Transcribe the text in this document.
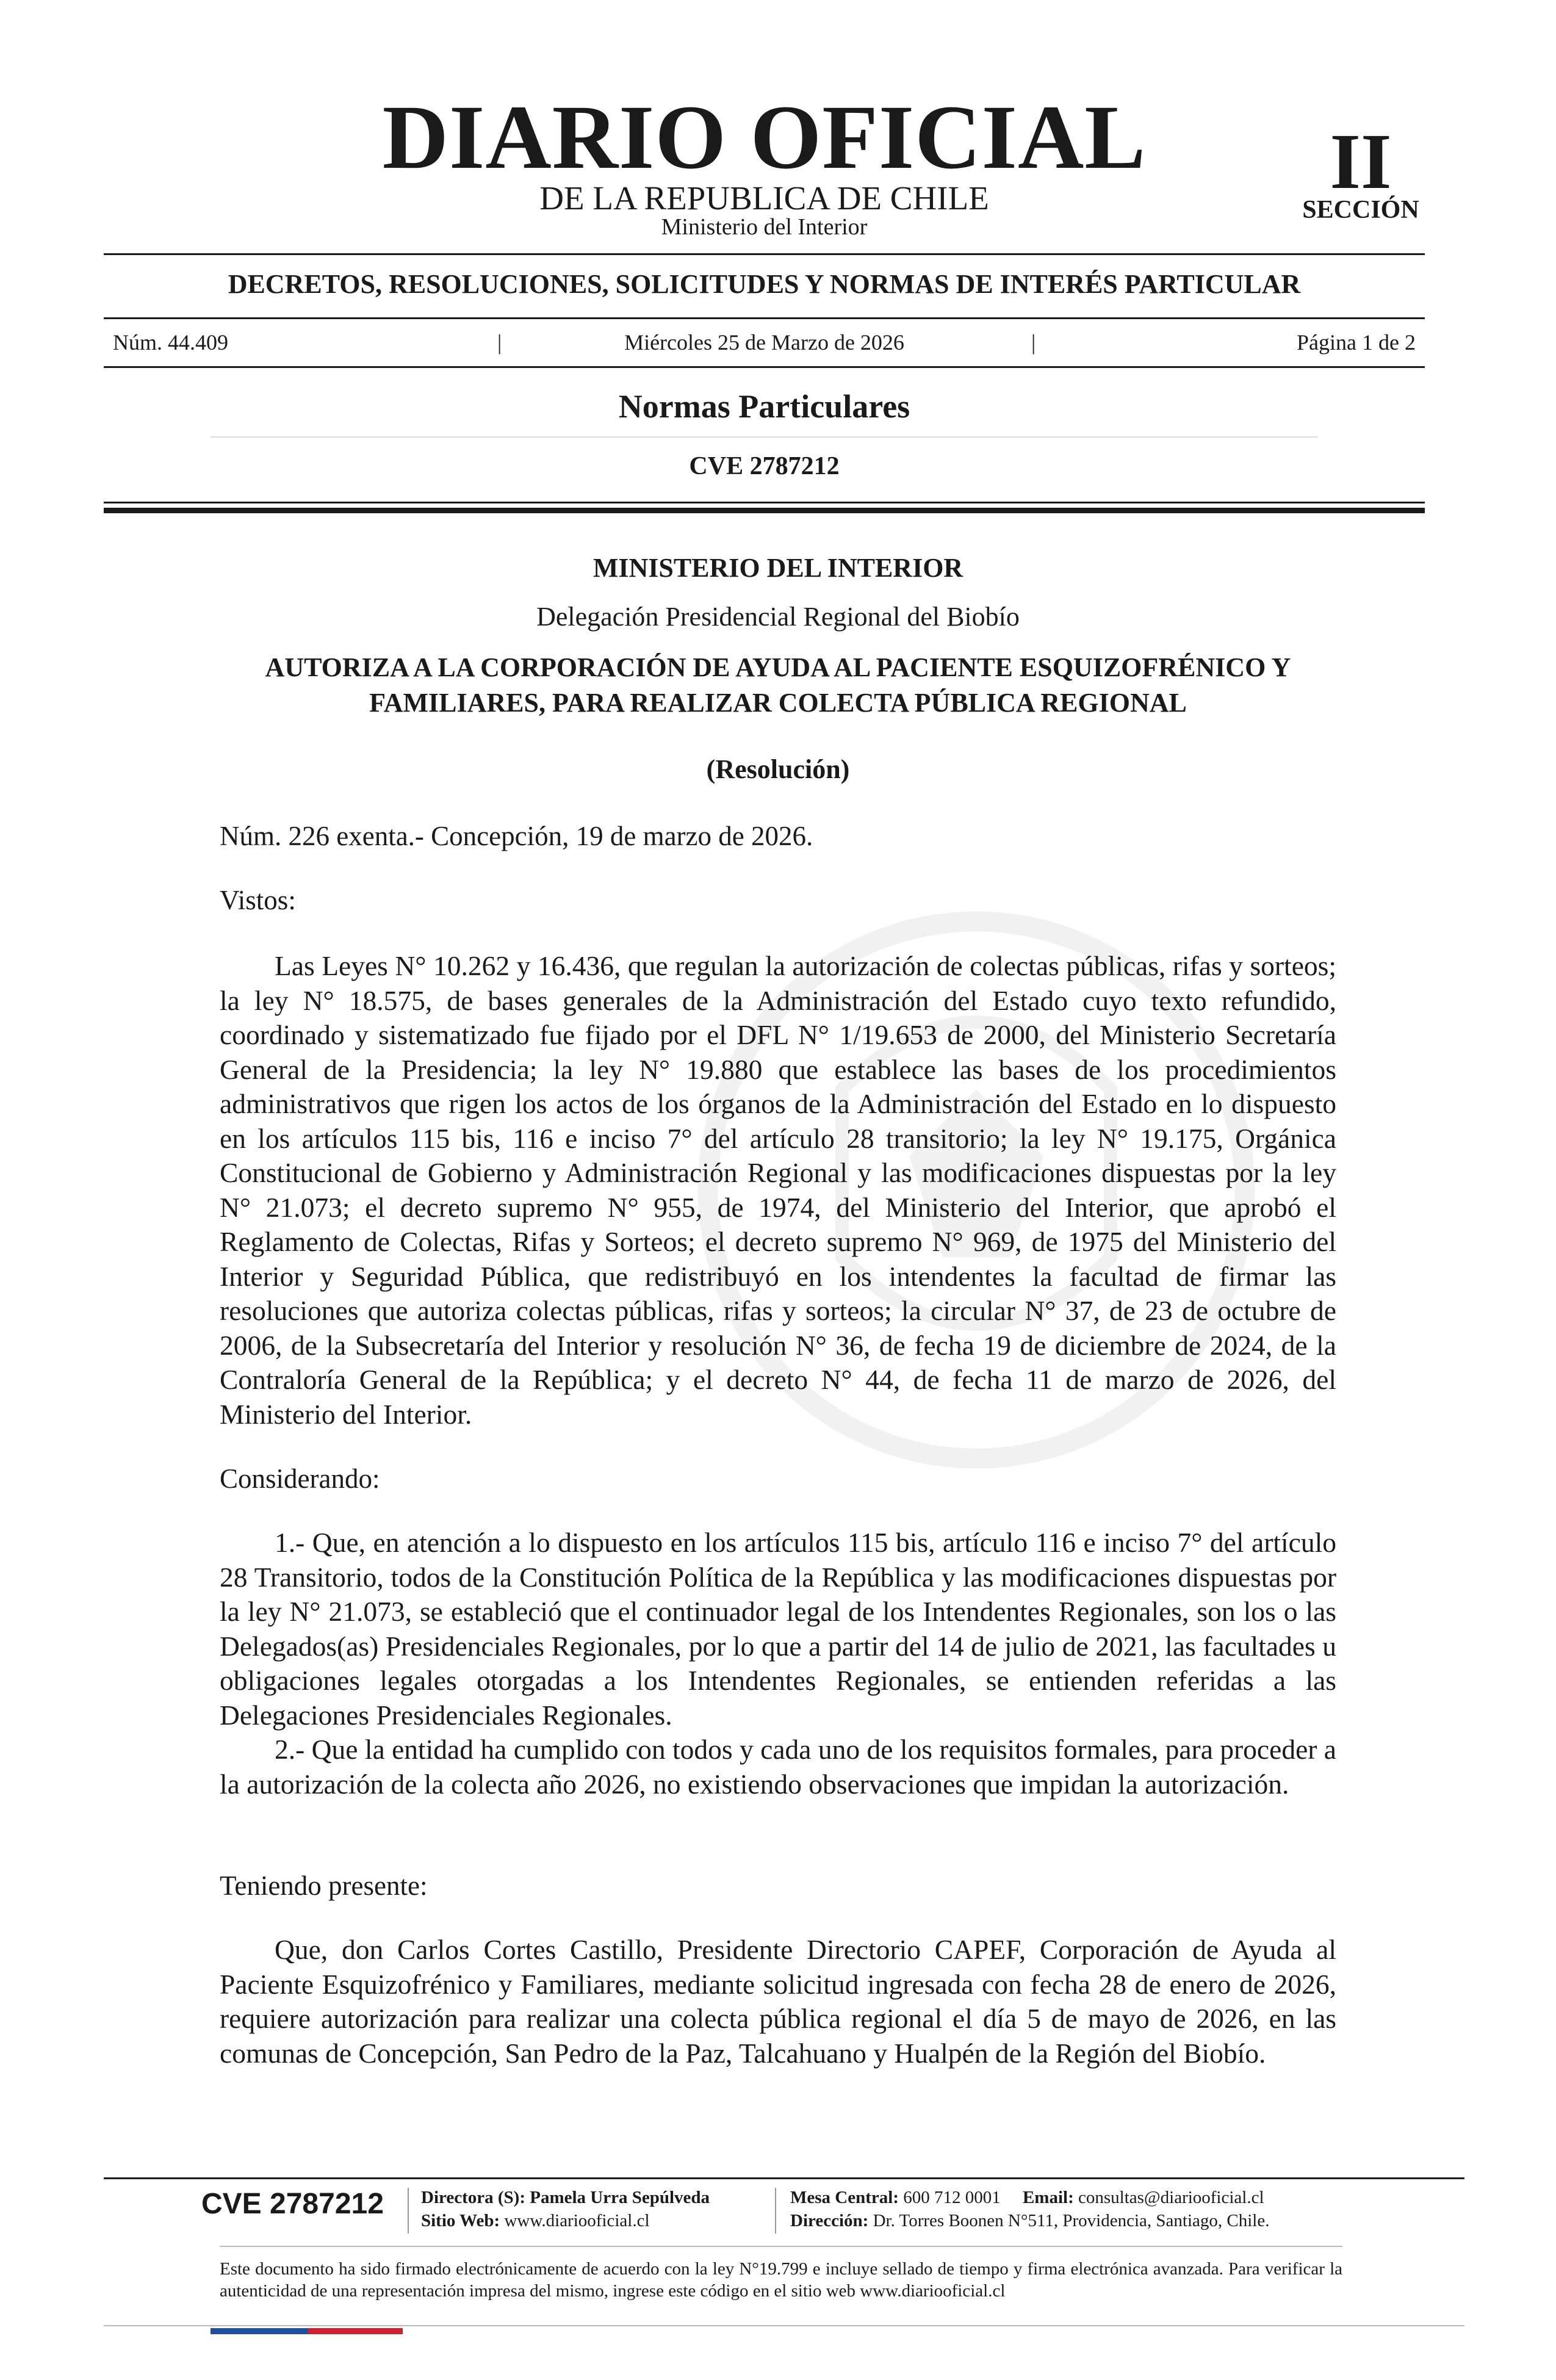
DIARIO OFICIAL
DE LA REPUBLICA DE CHILE
Ministerio del Interior
II
SECCIÓN
DECRETOS, RESOLUCIONES, SOLICITUDES Y NORMAS DE INTERÉS PARTICULAR
Núm. 44.409	|	Miércoles 25 de Marzo de 2026	|	Página 1 de 2
Normas Particulares
CVE 2787212
MINISTERIO DEL INTERIOR
Delegación Presidencial Regional del Biobío
AUTORIZA A LA CORPORACIÓN DE AYUDA AL PACIENTE ESQUIZOFRÉNICO Y
FAMILIARES, PARA REALIZAR COLECTA PÚBLICA REGIONAL
(Resolución)
Núm. 226 exenta.- Concepción, 19 de marzo de 2026.
Vistos:

Las Leyes N° 10.262 y 16.436, que regulan la autorización de colectas públicas, rifas y sorteos; la ley N° 18.575, de bases generales de la Administración del Estado cuyo texto refundido, coordinado y sistematizado fue fijado por el DFL N° 1/19.653 de 2000, del Ministerio Secretaría General de la Presidencia; la ley N° 19.880 que establece las bases de los procedimientos administrativos que rigen los actos de los órganos de la Administración del Estado en lo dispuesto en los artículos 115 bis, 116 e inciso 7° del artículo 28 transitorio; la ley N° 19.175, Orgánica Constitucional de Gobierno y Administración Regional y las modificaciones dispuestas por la ley N° 21.073; el decreto supremo N° 955, de 1974, del Ministerio del Interior, que aprobó el Reglamento de Colectas, Rifas y Sorteos; el decreto supremo N° 969, de 1975 del Ministerio del Interior y Seguridad Pública, que redistribuyó en los intendentes la facultad de firmar las resoluciones que autoriza colectas públicas, rifas y sorteos; la circular N° 37, de 23 de octubre de 2006, de la Subsecretaría del Interior y resolución N° 36, de fecha 19 de diciembre de 2024, de la Contraloría General de la República; y el decreto N° 44, de fecha 11 de marzo de 2026, del Ministerio del Interior.

Considerando:

1.- Que, en atención a lo dispuesto en los artículos 115 bis, artículo 116 e inciso 7° del artículo 28 Transitorio, todos de la Constitución Política de la República y las modificaciones dispuestas por la ley N° 21.073, se estableció que el continuador legal de los Intendentes Regionales, son los o las Delegados(as) Presidenciales Regionales, por lo que a partir del 14 de julio de 2021, las facultades u obligaciones legales otorgadas a los Intendentes Regionales, se entienden referidas a las Delegaciones Presidenciales Regionales.

2.- Que la entidad ha cumplido con todos y cada uno de los requisitos formales, para proceder a la autorización de la colecta año 2026, no existiendo observaciones que impidan la autorización.

Teniendo presente:

Que, don Carlos Cortes Castillo, Presidente Directorio CAPEF, Corporación de Ayuda al Paciente Esquizofrénico y Familiares, mediante solicitud ingresada con fecha 28 de enero de 2026, requiere autorización para realizar una colecta pública regional el día 5 de mayo de 2026, en las comunas de Concepción, San Pedro de la Paz, Talcahuano y Hualpén de la Región del Biobío.

CVE 2787212 Directora (S): Pamela Urra Sepúlveda
Sitio Web: www.diariooficial.cl
Mesa Central: 600 712 0001 Email: consultas@diariooficial.cl
Dirección: Dr. Torres Boonen N°511, Providencia, Santiago, Chile.
Este documento ha sido firmado electrónicamente de acuerdo con la ley N°19.799 e incluye sellado de tiempo y firma electrónica avanzada. Para verificar la autenticidad de una representación impresa del mismo, ingrese este código en el sitio web www.diariooficial.cl
